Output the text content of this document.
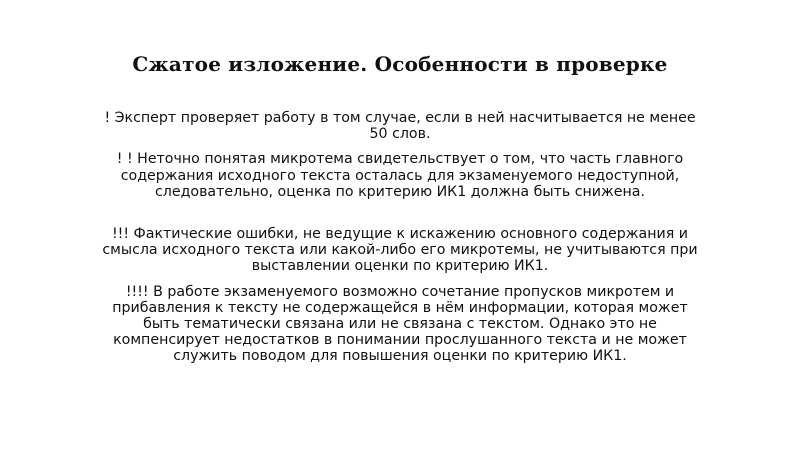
Сжатое изложение. Особенности в проверке

! Эксперт проверяет работу в том случае, если в ней насчитывается не менее 50 слов.

! ! Неточно понятая микротема свидетельствует о том, что часть главного содержания исходного текста осталась для экзаменуемого недоступной, следовательно, оценка по критерию ИК1 должна быть снижена.

!!! Фактические ошибки, не ведущие к искажению основного содержания и смысла исходного текста или какой-либо его микротемы, не учитываются при выставлении оценки по критерию ИК1.

!!!! В работе экзаменуемого возможно сочетание пропусков микротем и прибавления к тексту не содержащейся в нём информации, которая может быть тематически связана или не связана с текстом. Однако это не компенсирует недостатков в понимании прослушанного текста и не может служить поводом для повышения оценки по критерию ИК1.
